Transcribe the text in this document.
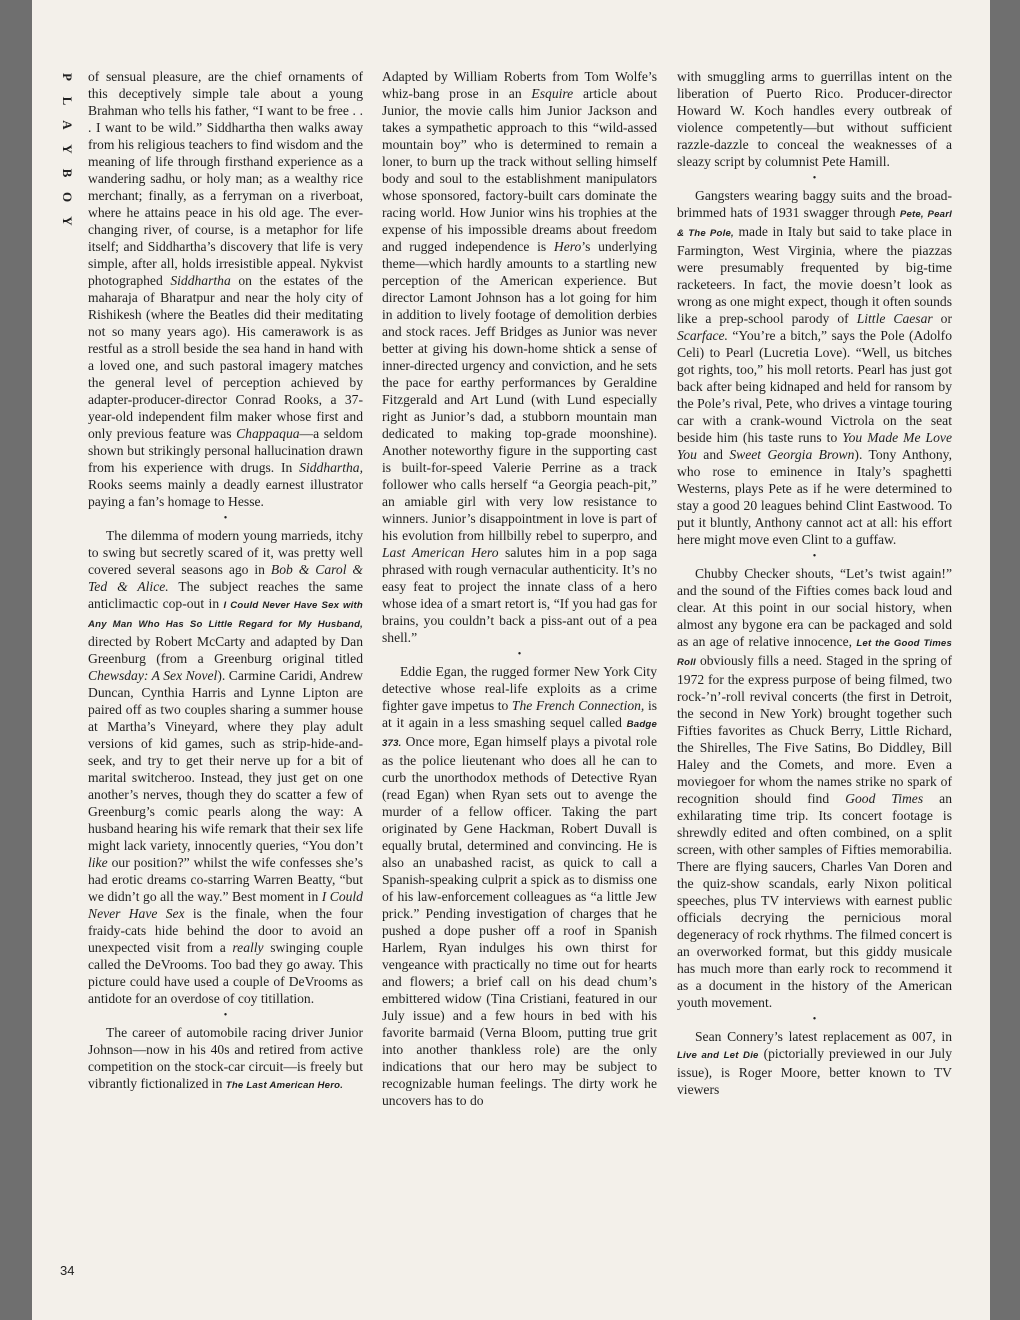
P
L
A
Y
B
O
Y

of sensual pleasure, are the chief ornaments of this deceptively simple tale about a young Brahman who tells his father, “I want to be free . . . I want to be wild.” Siddhartha then walks away from his religious teachers to find wisdom and the meaning of life through firsthand experience as a wandering sadhu, or holy man; as a wealthy rice merchant; finally, as a ferryman on a riverboat, where he attains peace in his old age. The ever-changing river, of course, is a metaphor for life itself; and Siddhartha’s discovery that life is very simple, after all, holds irresistible appeal. Nykvist photographed Siddhartha on the estates of the maharaja of Bharatpur and near the holy city of Rishikesh (where the Beatles did their meditating not so many years ago). His camerawork is as restful as a stroll beside the sea hand in hand with a loved one, and such pastoral imagery matches the general level of perception achieved by adapter-producer-director Conrad Rooks, a 37-year-old independent film maker whose first and only previous feature was Chappaqua—a seldom shown but strikingly personal hallucination drawn from his experience with drugs. In Siddhartha, Rooks seems mainly a deadly earnest illustrator paying a fan’s homage to Hesse.

•

The dilemma of modern young marrieds, itchy to swing but secretly scared of it, was pretty well covered several seasons ago in Bob & Carol & Ted & Alice. The subject reaches the same anticlimactic cop-out in I Could Never Have Sex with Any Man Who Has So Little Regard for My Husband, directed by Robert McCarty and adapted by Dan Greenburg (from a Greenburg original titled Chewsday: A Sex Novel). Carmine Caridi, Andrew Duncan, Cynthia Harris and Lynne Lipton are paired off as two couples sharing a summer house at Martha’s Vineyard, where they play adult versions of kid games, such as strip-hide-and-seek, and try to get their nerve up for a bit of marital switcheroo. Instead, they just get on one another’s nerves, though they do scatter a few of Greenburg’s comic pearls along the way: A husband hearing his wife remark that their sex life might lack variety, innocently queries, “You don’t like our position?” whilst the wife confesses she’s had erotic dreams co-starring Warren Beatty, “but we didn’t go all the way.” Best moment in I Could Never Have Sex is the finale, when the four fraidy-cats hide behind the door to avoid an unexpected visit from a really swinging couple called the DeVrooms. Too bad they go away. This picture could have used a couple of DeVrooms as antidote for an overdose of coy titillation.

•

The career of automobile racing driver Junior Johnson—now in his 40s and retired from active competition on the stock-car circuit—is freely but vibrantly fictionalized in The Last American Hero.

Adapted by William Roberts from Tom Wolfe’s whiz-bang prose in an Esquire article about Junior, the movie calls him Junior Jackson and takes a sympathetic approach to this “wild-assed mountain boy” who is determined to remain a loner, to burn up the track without selling himself body and soul to the establishment manipulators whose sponsored, factory-built cars dominate the racing world. How Junior wins his trophies at the expense of his impossible dreams about freedom and rugged independence is Hero’s underlying theme—which hardly amounts to a startling new perception of the American experience. But director Lamont Johnson has a lot going for him in addition to lively footage of demolition derbies and stock races. Jeff Bridges as Junior was never better at giving his down-home shtick a sense of inner-directed urgency and conviction, and he sets the pace for earthy performances by Geraldine Fitzgerald and Art Lund (with Lund especially right as Junior’s dad, a stubborn mountain man dedicated to making top-grade moonshine). Another noteworthy figure in the supporting cast is built-for-speed Valerie Perrine as a track follower who calls herself “a Georgia peach-pit,” an amiable girl with very low resistance to winners. Junior’s disappointment in love is part of his evolution from hillbilly rebel to superpro, and Last American Hero salutes him in a pop saga phrased with rough vernacular authenticity. It’s no easy feat to project the innate class of a hero whose idea of a smart retort is, “If you had gas for brains, you couldn’t back a piss-ant out of a pea shell.”

•

Eddie Egan, the rugged former New York City detective whose real-life exploits as a crime fighter gave impetus to The French Connection, is at it again in a less smashing sequel called Badge 373. Once more, Egan himself plays a pivotal role as the police lieutenant who does all he can to curb the unorthodox methods of Detective Ryan (read Egan) when Ryan sets out to avenge the murder of a fellow officer. Taking the part originated by Gene Hackman, Robert Duvall is equally brutal, determined and convincing. He is also an unabashed racist, as quick to call a Spanish-speaking culprit a spick as to dismiss one of his law-enforcement colleagues as “a little Jew prick.” Pending investigation of charges that he pushed a dope pusher off a roof in Spanish Harlem, Ryan indulges his own thirst for vengeance with practically no time out for hearts and flowers; a brief call on his dead chum’s embittered widow (Tina Cristiani, featured in our July issue) and a few hours in bed with his favorite barmaid (Verna Bloom, putting true grit into another thankless role) are the only indications that our hero may be subject to recognizable human feelings. The dirty work he uncovers has to do

with smuggling arms to guerrillas intent on the liberation of Puerto Rico. Producer-director Howard W. Koch handles every outbreak of violence competently—but without sufficient razzle-dazzle to conceal the weaknesses of a sleazy script by columnist Pete Hamill.

•

Gangsters wearing baggy suits and the broad-brimmed hats of 1931 swagger through Pete, Pearl & The Pole, made in Italy but said to take place in Farmington, West Virginia, where the piazzas were presumably frequented by big-time racketeers. In fact, the movie doesn’t look as wrong as one might expect, though it often sounds like a prep-school parody of Little Caesar or Scarface. “You’re a bitch,” says the Pole (Adolfo Celi) to Pearl (Lucretia Love). “Well, us bitches got rights, too,” his moll retorts. Pearl has just got back after being kidnaped and held for ransom by the Pole’s rival, Pete, who drives a vintage touring car with a crank-wound Victrola on the seat beside him (his taste runs to You Made Me Love You and Sweet Georgia Brown). Tony Anthony, who rose to eminence in Italy’s spaghetti Westerns, plays Pete as if he were determined to stay a good 20 leagues behind Clint Eastwood. To put it bluntly, Anthony cannot act at all: his effort here might move even Clint to a guffaw.

•

Chubby Checker shouts, “Let’s twist again!” and the sound of the Fifties comes back loud and clear. At this point in our social history, when almost any bygone era can be packaged and sold as an age of relative innocence, Let the Good Times Roll obviously fills a need. Staged in the spring of 1972 for the express purpose of being filmed, two rock-’n’-roll revival concerts (the first in Detroit, the second in New York) brought together such Fifties favorites as Chuck Berry, Little Richard, the Shirelles, The Five Satins, Bo Diddley, Bill Haley and the Comets, and more. Even a moviegoer for whom the names strike no spark of recognition should find Good Times an exhilarating time trip. Its concert footage is shrewdly edited and often combined, on a split screen, with other samples of Fifties memorabilia. There are flying saucers, Charles Van Doren and the quiz-show scandals, early Nixon political speeches, plus TV interviews with earnest public officials decrying the pernicious moral degeneracy of rock rhythms. The filmed concert is an overworked format, but this giddy musicale has much more than early rock to recommend it as a document in the history of the American youth movement.

•

Sean Connery’s latest replacement as 007, in Live and Let Die (pictorially previewed in our July issue), is Roger Moore, better known to TV viewers

34
